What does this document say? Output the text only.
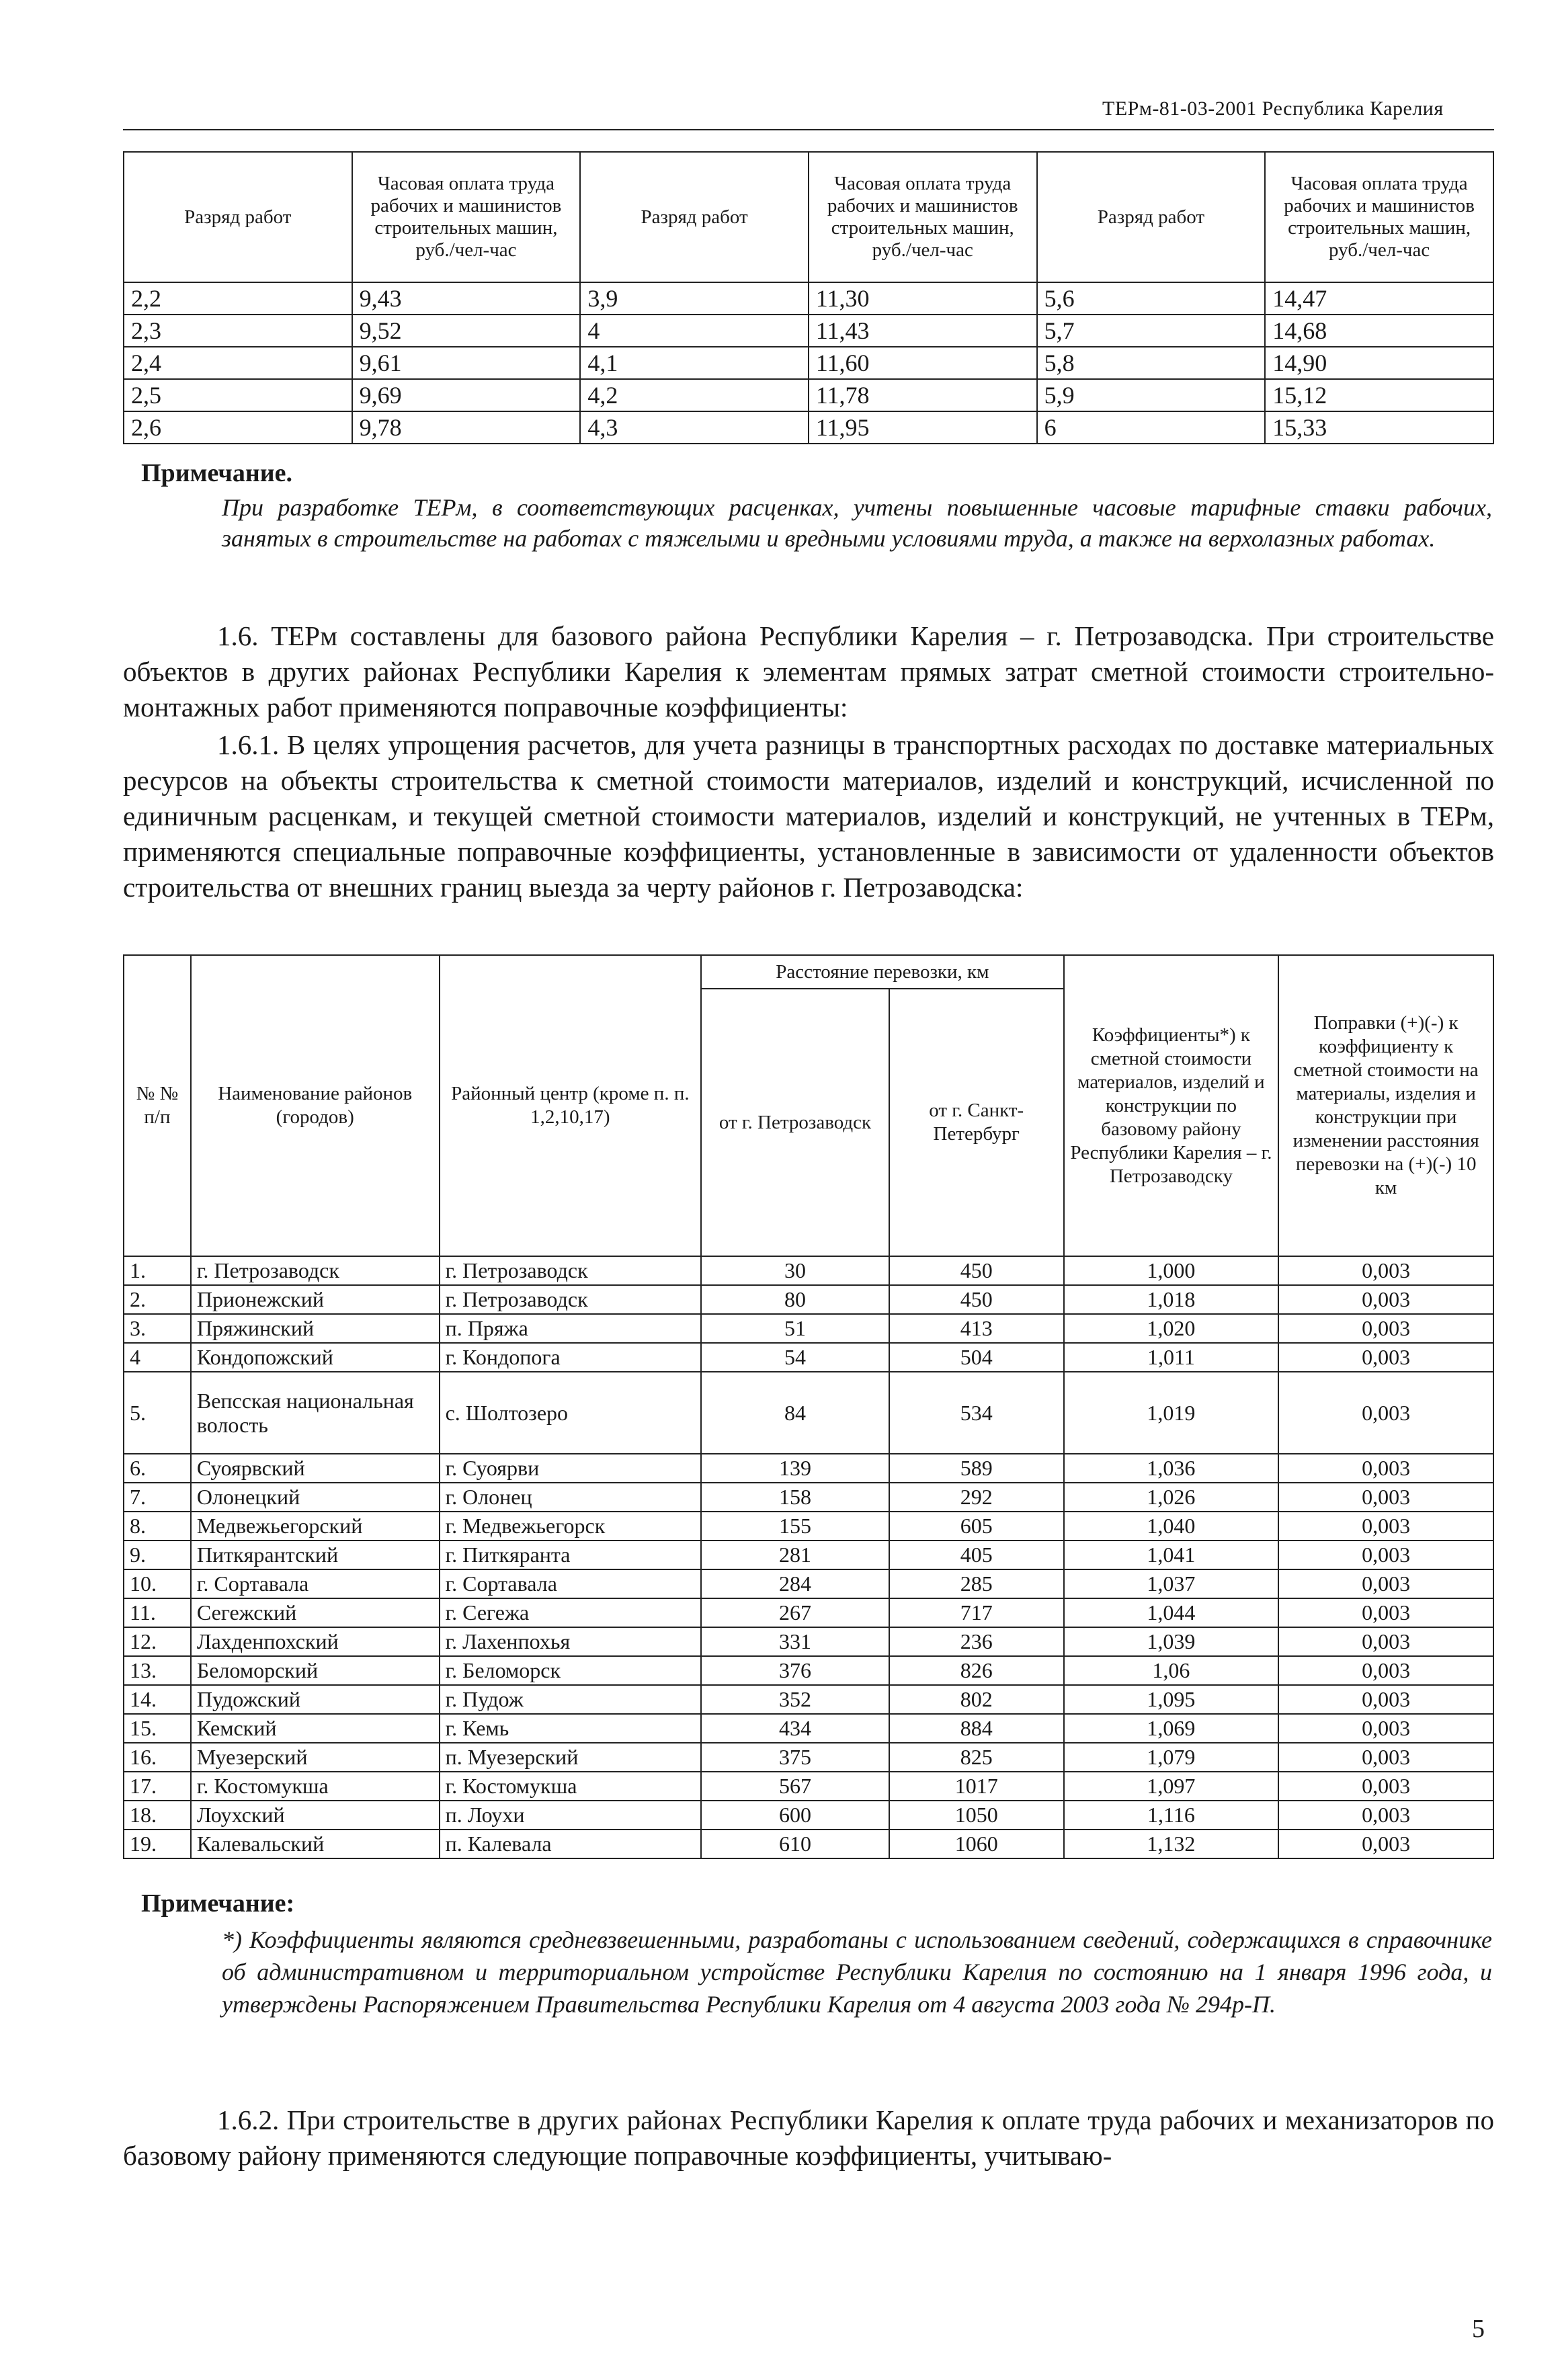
ТЕРм-81-03-2001 Республика Карелия
Разряд работ	Часовая оплата труда рабочих и машинистов строительных машин, руб./чел-час	Разряд работ	Часовая оплата труда рабочих и машинистов строительных машин, руб./чел-час	Разряд работ	Часовая оплата труда рабочих и машинистов строительных машин, руб./чел-час
2,2	9,43	3,9	11,30	5,6	14,47
2,3	9,52	4	11,43	5,7	14,68
2,4	9,61	4,1	11,60	5,8	14,90
2,5	9,69	4,2	11,78	5,9	15,12
2,6	9,78	4,3	11,95	6	15,33
Примечание.
При разработке ТЕРм, в соответствующих расценках, учтены повышенные часовые тарифные ставки рабочих, занятых в строительстве на работах с тяжелыми и вредными условиями труда, а также на верхолазных работах.
1.6. ТЕРм составлены для базового района Республики Карелия – г. Петрозаводска. При строительстве объектов в других районах Республики Карелия к элементам прямых затрат сметной стоимости строительно-монтажных работ применяются поправочные коэффициенты:
1.6.1. В целях упрощения расчетов, для учета разницы в транспортных расходах по доставке материальных ресурсов на объекты строительства к сметной стоимости материалов, изделий и конструкций, исчисленной по единичным расценкам, и текущей сметной стоимости материалов, изделий и конструкций, не учтенных в ТЕРм, применяются специальные поправочные коэффициенты, установленные в зависимости от удаленности объектов строительства от внешних границ выезда за черту районов г. Петрозаводска:
№ № п/п	Наименование районов (городов)	Районный центр (кроме п. п. 1,2,10,17)	Расстояние перевозки, км		Коэффициенты*) к сметной стоимости материалов, изделий и конструкции по базовому району Республики Карелия – г. Петрозаводску	Поправки (+)(-) к коэффициенту к сметной стоимости на материалы, изделия и конструкции при изменении расстояния перевозки на (+)(-) 10 км
			от г. Петрозаводск	от г. Санкт-Петербург		
1.	г. Петрозаводск	г. Петрозаводск	30	450	1,000	0,003
2.	Прионежский	г. Петрозаводск	80	450	1,018	0,003
3.	Пряжинский	п. Пряжа	51	413	1,020	0,003
4	Кондопожский	г. Кондопога	54	504	1,011	0,003
5.	Вепсская национальная волость	с. Шолтозеро	84	534	1,019	0,003
6.	Суоярвский	г. Суоярви	139	589	1,036	0,003
7.	Олонецкий	г. Олонец	158	292	1,026	0,003
8.	Медвежьегорский	г. Медвежьегорск	155	605	1,040	0,003
9.	Питкярантский	г. Питкяранта	281	405	1,041	0,003
10.	г. Сортавала	г. Сортавала	284	285	1,037	0,003
11.	Сегежский	г. Сегежа	267	717	1,044	0,003
12.	Лахденпохский	г. Лахенпохья	331	236	1,039	0,003
13.	Беломорский	г. Беломорск	376	826	1,06	0,003
14.	Пудожский	г. Пудож	352	802	1,095	0,003
15.	Кемский	г. Кемь	434	884	1,069	0,003
16.	Муезерский	п. Муезерский	375	825	1,079	0,003
17.	г. Костомукша	г. Костомукша	567	1017	1,097	0,003
18.	Лоухский	п. Лоухи	600	1050	1,116	0,003
19.	Калевальский	п. Калевала	610	1060	1,132	0,003
Примечание:
*) Коэффициенты являются средневзвешенными, разработаны с использованием сведений, содержащихся в справочнике об административном и территориальном устройстве Республики Карелия по состоянию на 1 января 1996 года, и утверждены Распоряжением Правительства Республики Карелия от 4 августа 2003 года № 294р-П.
1.6.2. При строительстве в других районах Республики Карелия к оплате труда рабочих и механизаторов по базовому району применяются следующие поправочные коэффициенты, учитываю-
5
